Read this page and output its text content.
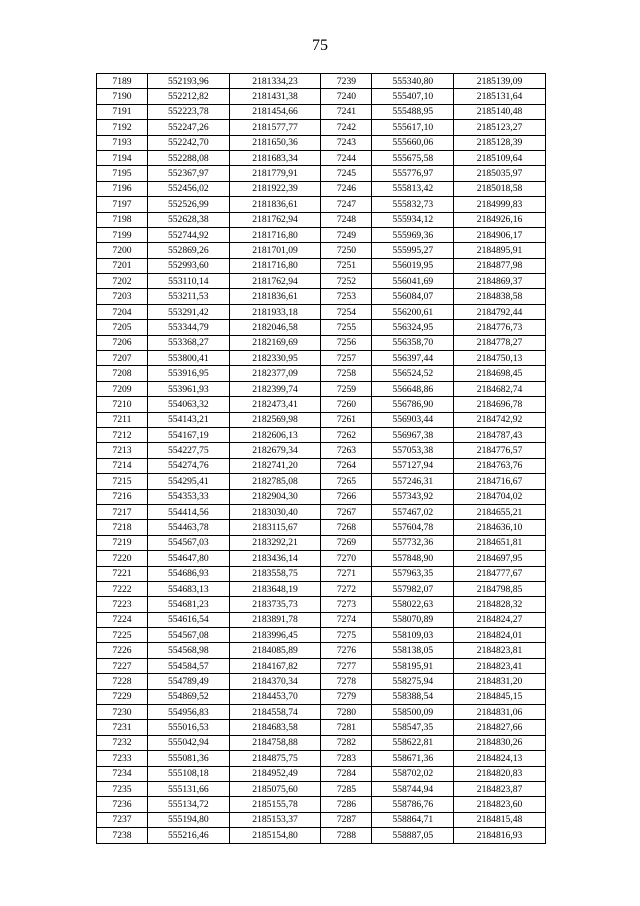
75
7189	552193,96	2181334,23	7239	555340,80	2185139,09
7190	552212,82	2181431,38	7240	555407,10	2185131,64
7191	552223,78	2181454,66	7241	555488,95	2185140,48
7192	552247,26	2181577,77	7242	555617,10	2185123,27
7193	552242,70	2181650,36	7243	555660,06	2185128,39
7194	552288,08	2181683,34	7244	555675,58	2185109,64
7195	552367,97	2181779,91	7245	555776,97	2185035,97
7196	552456,02	2181922,39	7246	555813,42	2185018,58
7197	552526,99	2181836,61	7247	555832,73	2184999,83
7198	552628,38	2181762,94	7248	555934,12	2184926,16
7199	552744,92	2181716,80	7249	555969,36	2184906,17
7200	552869,26	2181701,09	7250	555995,27	2184895,91
7201	552993,60	2181716,80	7251	556019,95	2184877,98
7202	553110,14	2181762,94	7252	556041,69	2184869,37
7203	553211,53	2181836,61	7253	556084,07	2184838,58
7204	553291,42	2181933,18	7254	556200,61	2184792,44
7205	553344,79	2182046,58	7255	556324,95	2184776,73
7206	553368,27	2182169,69	7256	556358,70	2184778,27
7207	553800,41	2182330,95	7257	556397,44	2184750,13
7208	553916,95	2182377,09	7258	556524,52	2184698,45
7209	553961,93	2182399,74	7259	556648,86	2184682,74
7210	554063,32	2182473,41	7260	556786,90	2184696,78
7211	554143,21	2182569,98	7261	556903,44	2184742,92
7212	554167,19	2182606,13	7262	556967,38	2184787,43
7213	554227,75	2182679,34	7263	557053,38	2184776,57
7214	554274,76	2182741,20	7264	557127,94	2184763,76
7215	554295,41	2182785,08	7265	557246,31	2184716,67
7216	554353,33	2182904,30	7266	557343,92	2184704,02
7217	554414,56	2183030,40	7267	557467,02	2184655,21
7218	554463,78	2183115,67	7268	557604,78	2184636,10
7219	554567,03	2183292,21	7269	557732,36	2184651,81
7220	554647,80	2183436,14	7270	557848,90	2184697,95
7221	554686,93	2183558,75	7271	557963,35	2184777,67
7222	554683,13	2183648,19	7272	557982,07	2184798,85
7223	554681,23	2183735,73	7273	558022,63	2184828,32
7224	554616,54	2183891,78	7274	558070,89	2184824,27
7225	554567,08	2183996,45	7275	558109,03	2184824,01
7226	554568,98	2184085,89	7276	558138,05	2184823,81
7227	554584,57	2184167,82	7277	558195,91	2184823,41
7228	554789,49	2184370,34	7278	558275,94	2184831,20
7229	554869,52	2184453,70	7279	558388,54	2184845,15
7230	554956,83	2184558,74	7280	558500,09	2184831,06
7231	555016,53	2184683,58	7281	558547,35	2184827,66
7232	555042,94	2184758,88	7282	558622,81	2184830,26
7233	555081,36	2184875,75	7283	558671,36	2184824,13
7234	555108,18	2184952,49	7284	558702,02	2184820,83
7235	555131,66	2185075,60	7285	558744,94	2184823,87
7236	555134,72	2185155,78	7286	558786,76	2184823,60
7237	555194,80	2185153,37	7287	558864,71	2184815,48
7238	555216,46	2185154,80	7288	558887,05	2184816,93
